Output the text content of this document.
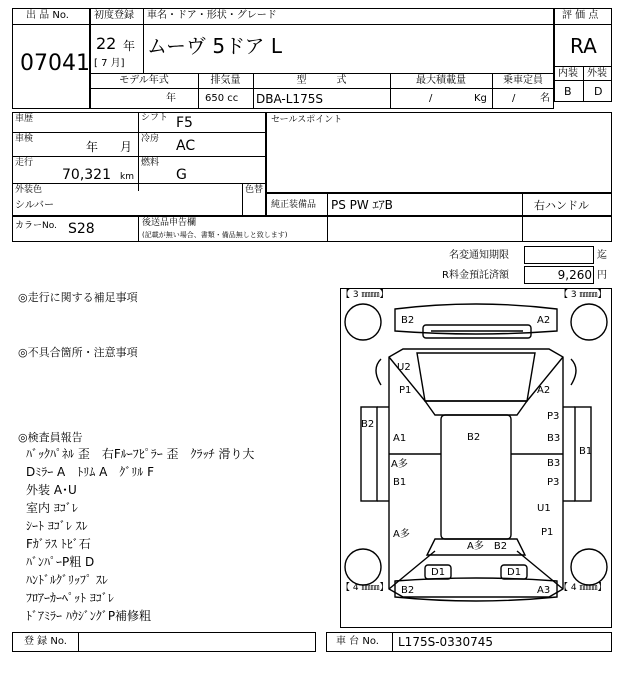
出 品 No.
07041
初度登録 車名・ドア・形状・グレード
22 年
[ 7 月]
ムーヴ 5ドア L
モデル年式	排気量	型　　　式	最大積載量	乗車定員
年	650 cc DBA-L175S	/	Kg	/ 名
評 価 点
RA
内装 外装
B D
車歴	シフト F5
車検
年 月
冷房 AC
走行
70,321 km
燃料
G
外装色
シルバー
色替
セールスポイント
純正装備品 PS PW ｴｱB	右ハンドル
カラーNo. S28	後送品申告欄
(記載が無い場合、書類・備品無しと致します)
名変通知期限	迄
R料金預託済額	9,260 円
◎走行に関する補足事項
◎不具合箇所・注意事項
◎検査員報告
ﾊﾞｯｸﾊﾟﾈﾙ 歪　右Fﾙｰﾌﾋﾟﾗｰ 歪　ｸﾗｯﾁ 滑り大
Dﾐﾗｰ A　ﾄﾘﾑ A　ｸﾞﾘﾙ F
外装 A･U
室内 ﾖｺﾞﾚ
ｼｰﾄ ﾖｺﾞﾚ ｽﾚ
Fｶﾞﾗｽ ﾄﾋﾞ石
ﾊﾞﾝﾊﾟｰP粗 D
ﾊﾝﾄﾞﾙｸﾞﾘｯﾌﾟ ｽﾚ
ﾌﾛｱｰｶｰﾍﾟｯﾄ ﾖｺﾞﾚ
ﾄﾞｱﾐﾗｰ ﾊｳｼﾞﾝｸﾞP補修粗
【 3 ㎜㎜】	【 3 ㎜㎜】
【 4 ㎜㎜】	【 4 ㎜㎜】
B2	A2
U2
P1	A2
B2
A1
A多
B1
B2
P3
B3
B3
P3
B1
U1
P1
A多
A多　B2
D1	D1
B2	A3
登 録 No.	車 台 No. L175S-0330745
